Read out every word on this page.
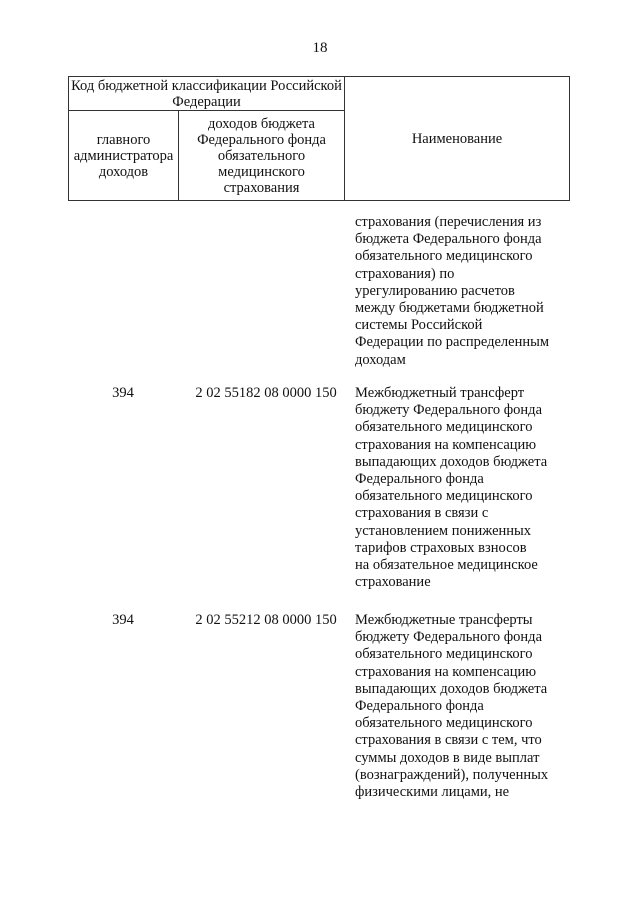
18
Код бюджетной классификации Российской Федерации		Наименование
главного администратора доходов	доходов бюджета Федерального фонда обязательного медицинского страхования	
страхования (перечисления из
бюджета Федерального фонда
обязательного медицинского
страхования) по
урегулированию расчетов
между бюджетами бюджетной
системы Российской
Федерации по распределенным
доходам
394	2 02 55182 08 0000 150	Межбюджетный трансферт
бюджету Федерального фонда
обязательного медицинского
страхования на компенсацию
выпадающих доходов бюджета
Федерального фонда
обязательного медицинского
страхования в связи с
установлением пониженных
тарифов страховых взносов
на обязательное медицинское
страхование
394	2 02 55212 08 0000 150	Межбюджетные трансферты
бюджету Федерального фонда
обязательного медицинского
страхования на компенсацию
выпадающих доходов бюджета
Федерального фонда
обязательного медицинского
страхования в связи с тем, что
суммы доходов в виде выплат
(вознаграждений), полученных
физическими лицами, не
